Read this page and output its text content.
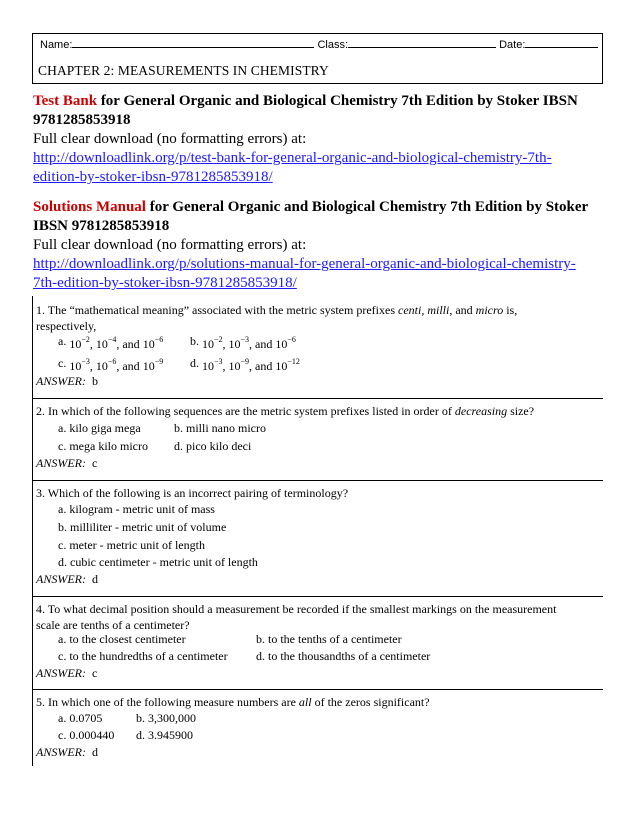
Name:	Class:	Date:
CHAPTER 2: MEASUREMENTS IN CHEMISTRY
Test Bank for General Organic and Biological Chemistry 7th Edition by Stoker IBSN
9781285853918
Full clear download (no formatting errors) at:
http://downloadlink.org/p/test-bank-for-general-organic-and-biological-chemistry-7th-
edition-by-stoker-ibsn-9781285853918/
Solutions Manual for General Organic and Biological Chemistry 7th Edition by Stoker
IBSN 9781285853918
Full clear download (no formatting errors) at:
http://downloadlink.org/p/solutions-manual-for-general-organic-and-biological-chemistry-
7th-edition-by-stoker-ibsn-9781285853918/
1. The “mathematical meaning” associated with the metric system prefixes centi, milli, and micro is,
respectively,
a. $10^{-2}$, $10^{-4}$, and $10^{-6}$ b. $10^{-2}$, $10^{-3}$, and $10^{-6}$
c. $10^{-3}$, $10^{-6}$, and $10^{-9}$ d. $10^{-3}$, $10^{-9}$, and $10^{-12}$
ANSWER: b
2. In which of the following sequences are the metric system prefixes listed in order of decreasing size?
a. kilo giga mega	b. milli nano micro
c. mega kilo micro d. pico kilo deci
ANSWER: c
3. Which of the following is an incorrect pairing of terminology?
a. kilogram - metric unit of mass
b. milliliter - metric unit of volume
c. meter - metric unit of length
d. cubic centimeter - metric unit of length
ANSWER: d
4. To what decimal position should a measurement be recorded if the smallest markings on the measurement
scale are tenths of a centimeter?
a. to the closest centimeter	b. to the tenths of a centimeter
c. to the hundredths of a centimeter d. to the thousandths of a centimeter
ANSWER: c
5. In which one of the following measure numbers are all of the zeros significant?
a. 0.0705	b. 3,300,000
c. 0.000440 d. 3.945900
ANSWER: d
